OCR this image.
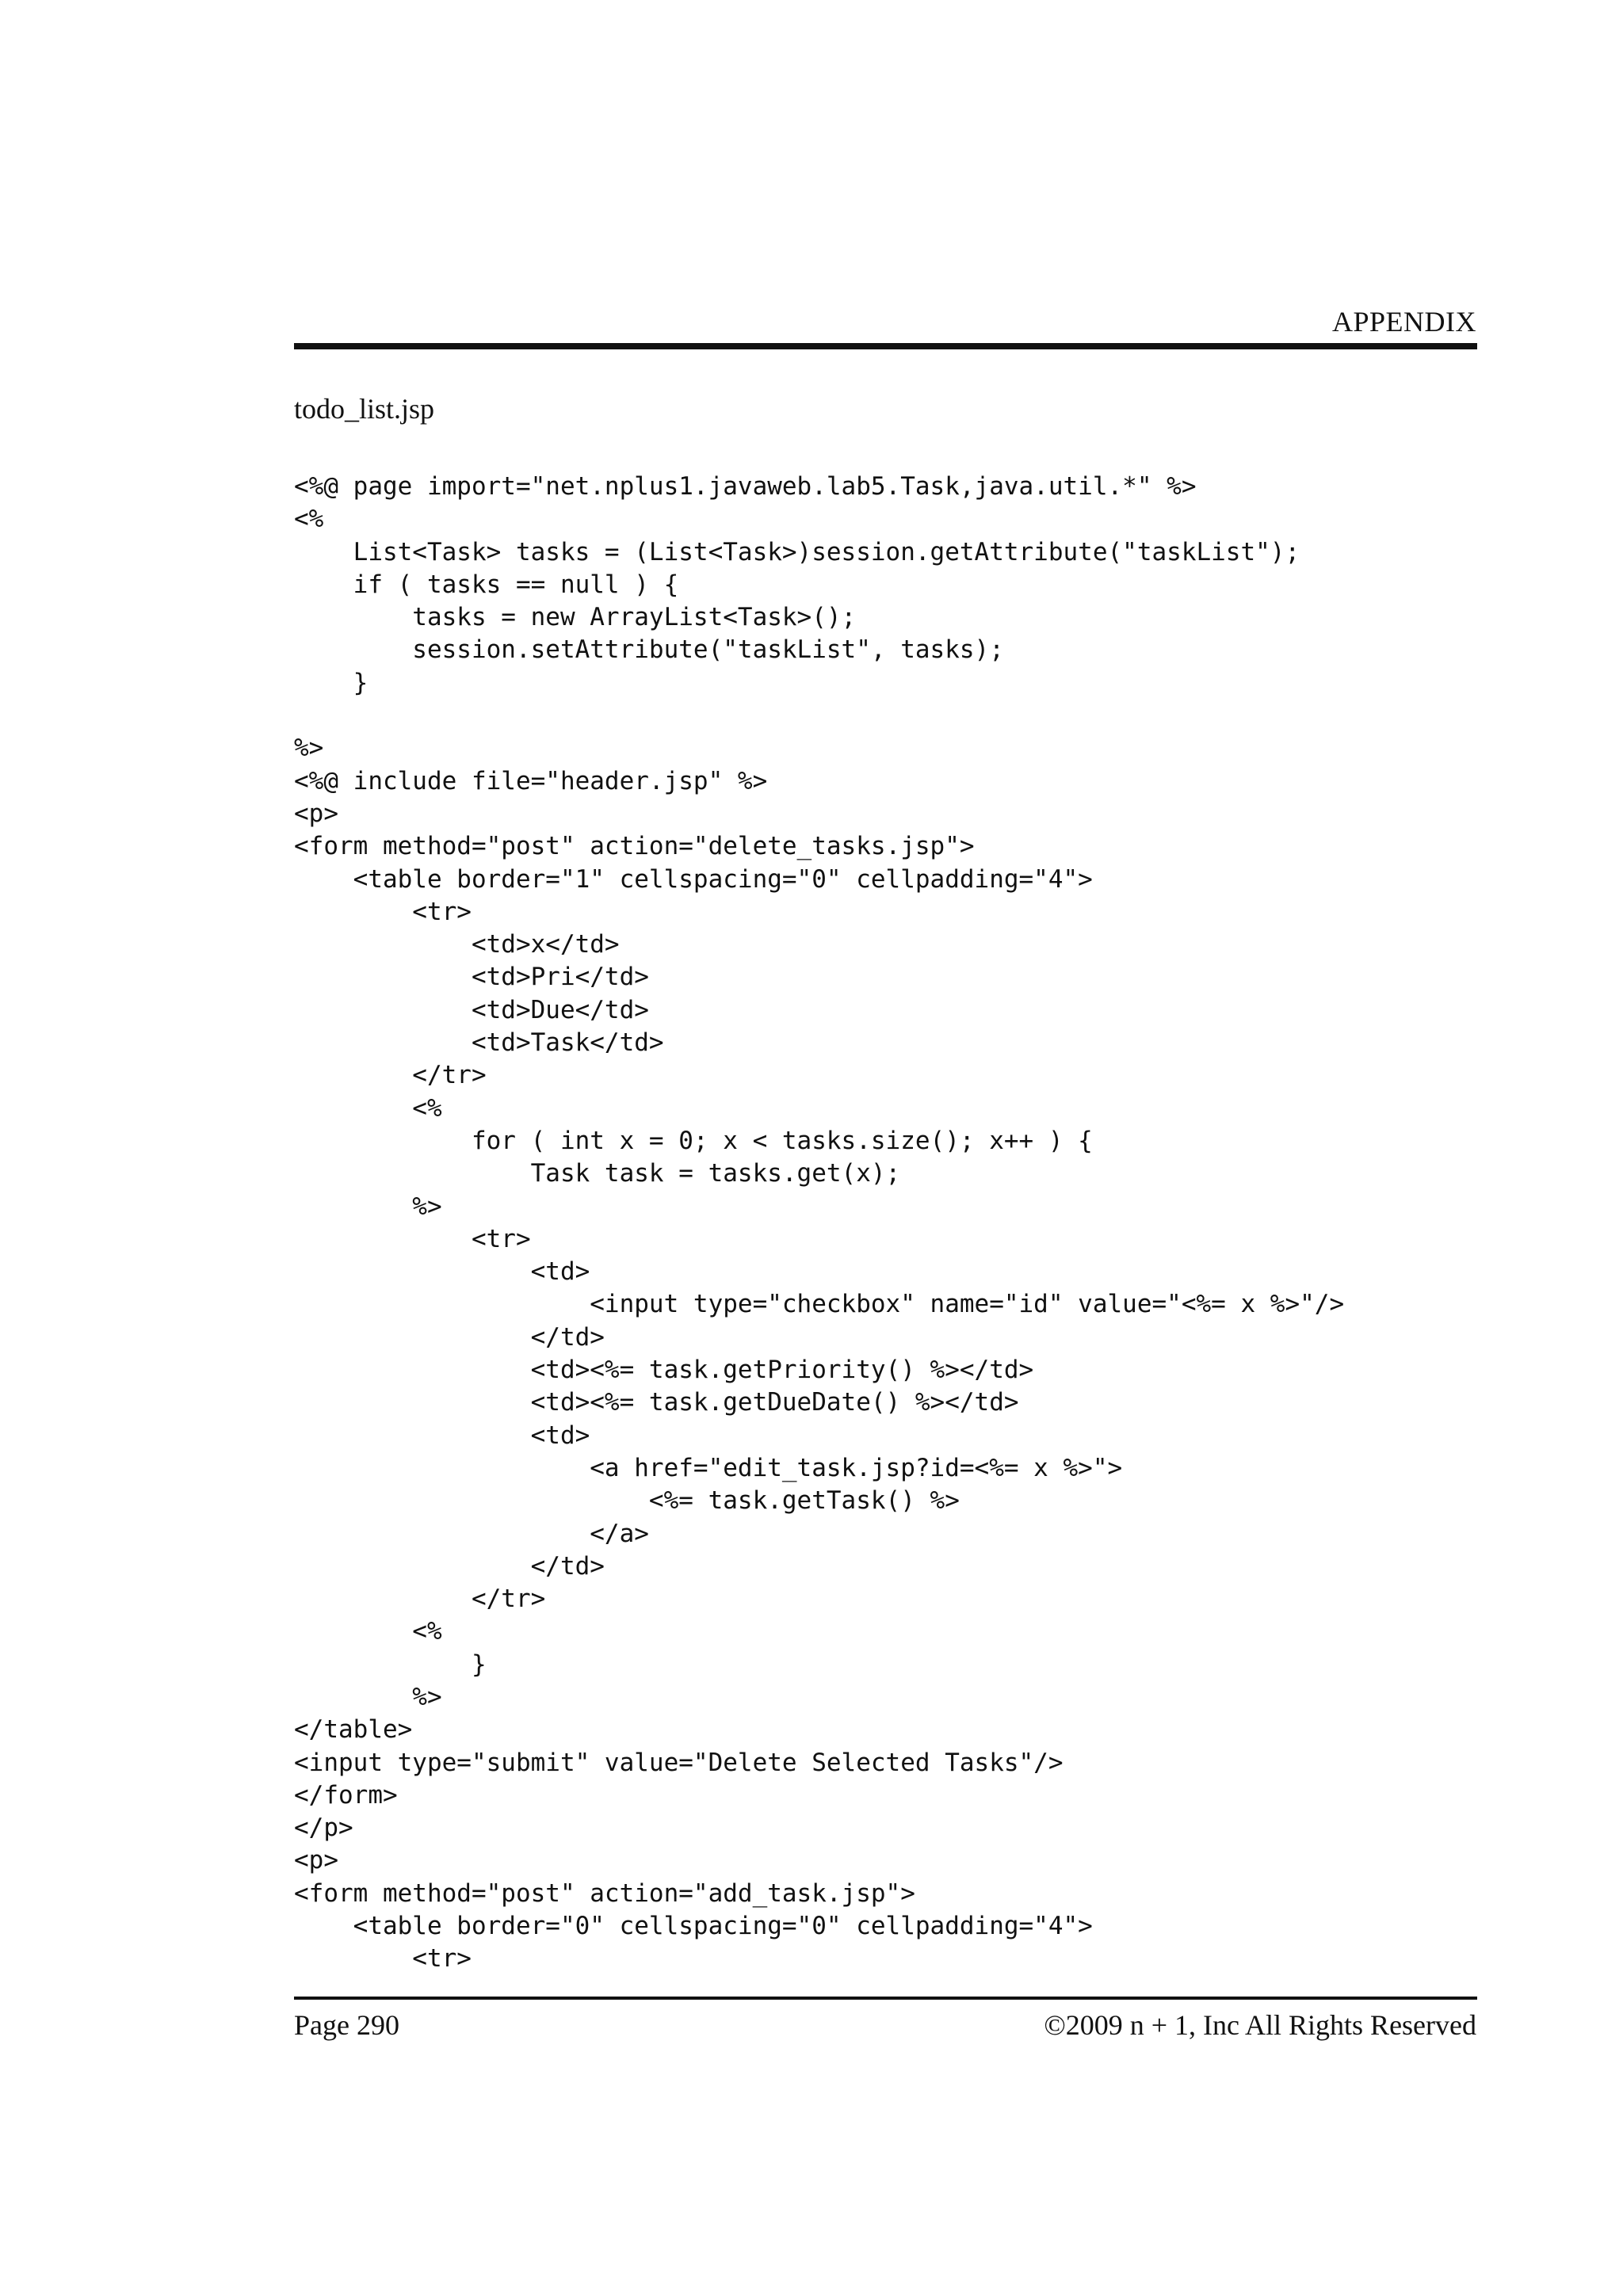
APPENDIX
todo_list.jsp
<%@ page import="net.nplus1.javaweb.lab5.Task,java.util.*" %>
<%
List<Task> tasks = (List<Task>)session.getAttribute("taskList");
if ( tasks == null ) {
tasks = new ArrayList<Task>();
session.setAttribute("taskList", tasks);
}
%>
<%@ include file="header.jsp" %>
<p>
<form method="post" action="delete_tasks.jsp">
<table border="1" cellspacing="0" cellpadding="4">
<tr>
<td>x</td>
<td>Pri</td>
<td>Due</td>
<td>Task</td>
</tr>
<%
for ( int x = 0; x < tasks.size(); x++ ) {
Task task = tasks.get(x);
%>
<tr>
<td>
<input type="checkbox" name="id" value="<%= x %>"/>
</td>
<td><%= task.getPriority() %></td>
<td><%= task.getDueDate() %></td>
<td>
<a href="edit_task.jsp?id=<%= x %>">
<%= task.getTask() %>
</a>
</td>
</tr>
<%
}
%>
</table>
<input type="submit" value="Delete Selected Tasks"/>
</form>
</p>
<p>
<form method="post" action="add_task.jsp">
<table border="0" cellspacing="0" cellpadding="4">
<tr>
Page 290	©2009 n + 1, Inc All Rights Reserved
